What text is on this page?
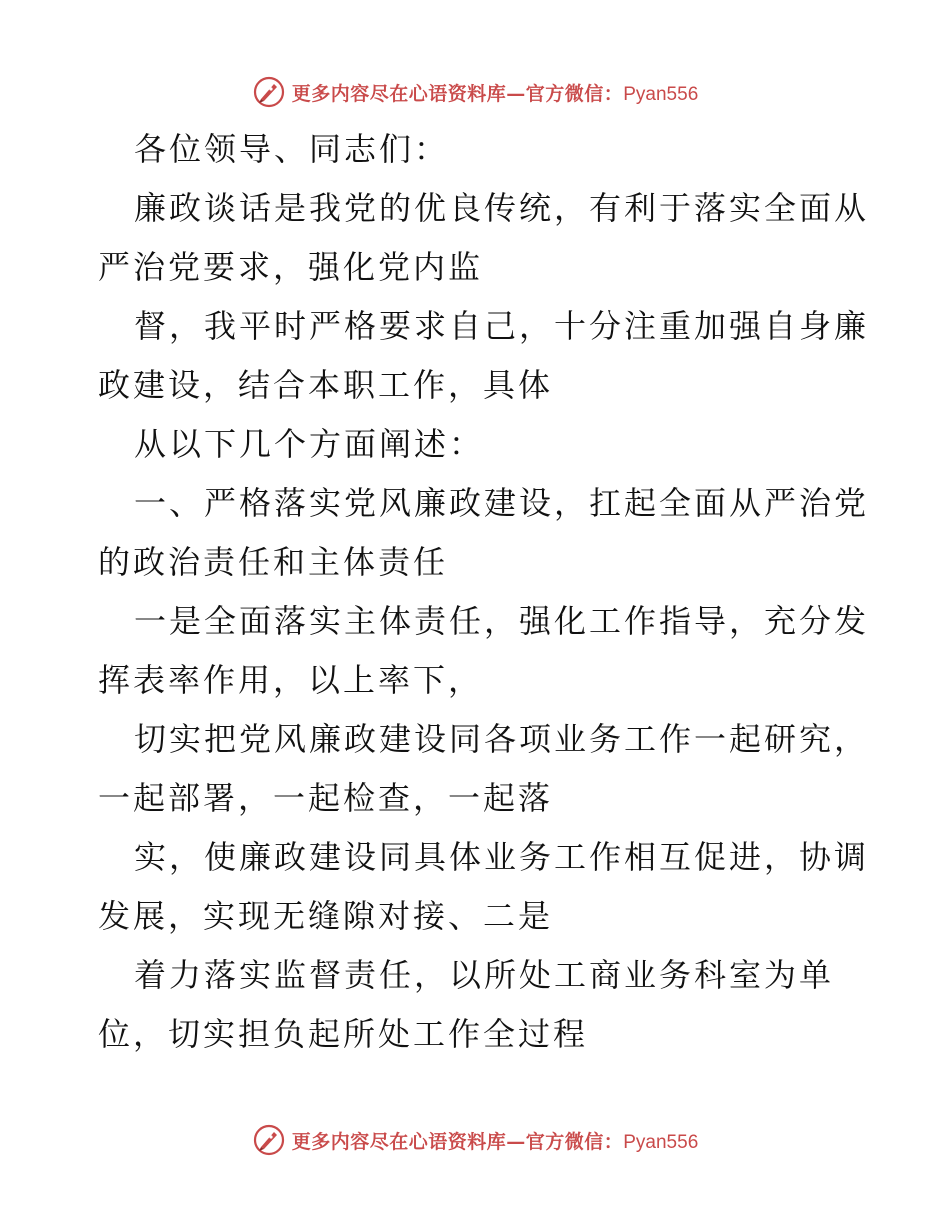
更多内容尽在心语资料库—官方微信：Pyan556
各位领导、同志们：
廉政谈话是我党的优良传统，有利于落实全面从
严治党要求，强化党内监
督，我平时严格要求自己，十分注重加强自身廉
政建设，结合本职工作，具体
从以下几个方面阐述：
一、严格落实党风廉政建设，扛起全面从严治党
的政治责任和主体责任
一是全面落实主体责任，强化工作指导，充分发
挥表率作用，以上率下，
切实把党风廉政建设同各项业务工作一起研究，
一起部署，一起检查，一起落
实，使廉政建设同具体业务工作相互促进，协调
发展，实现无缝隙对接、二是
着力落实监督责任，以所处工商业务科室为单
位，切实担负起所处工作全过程
更多内容尽在心语资料库—官方微信：Pyan556
